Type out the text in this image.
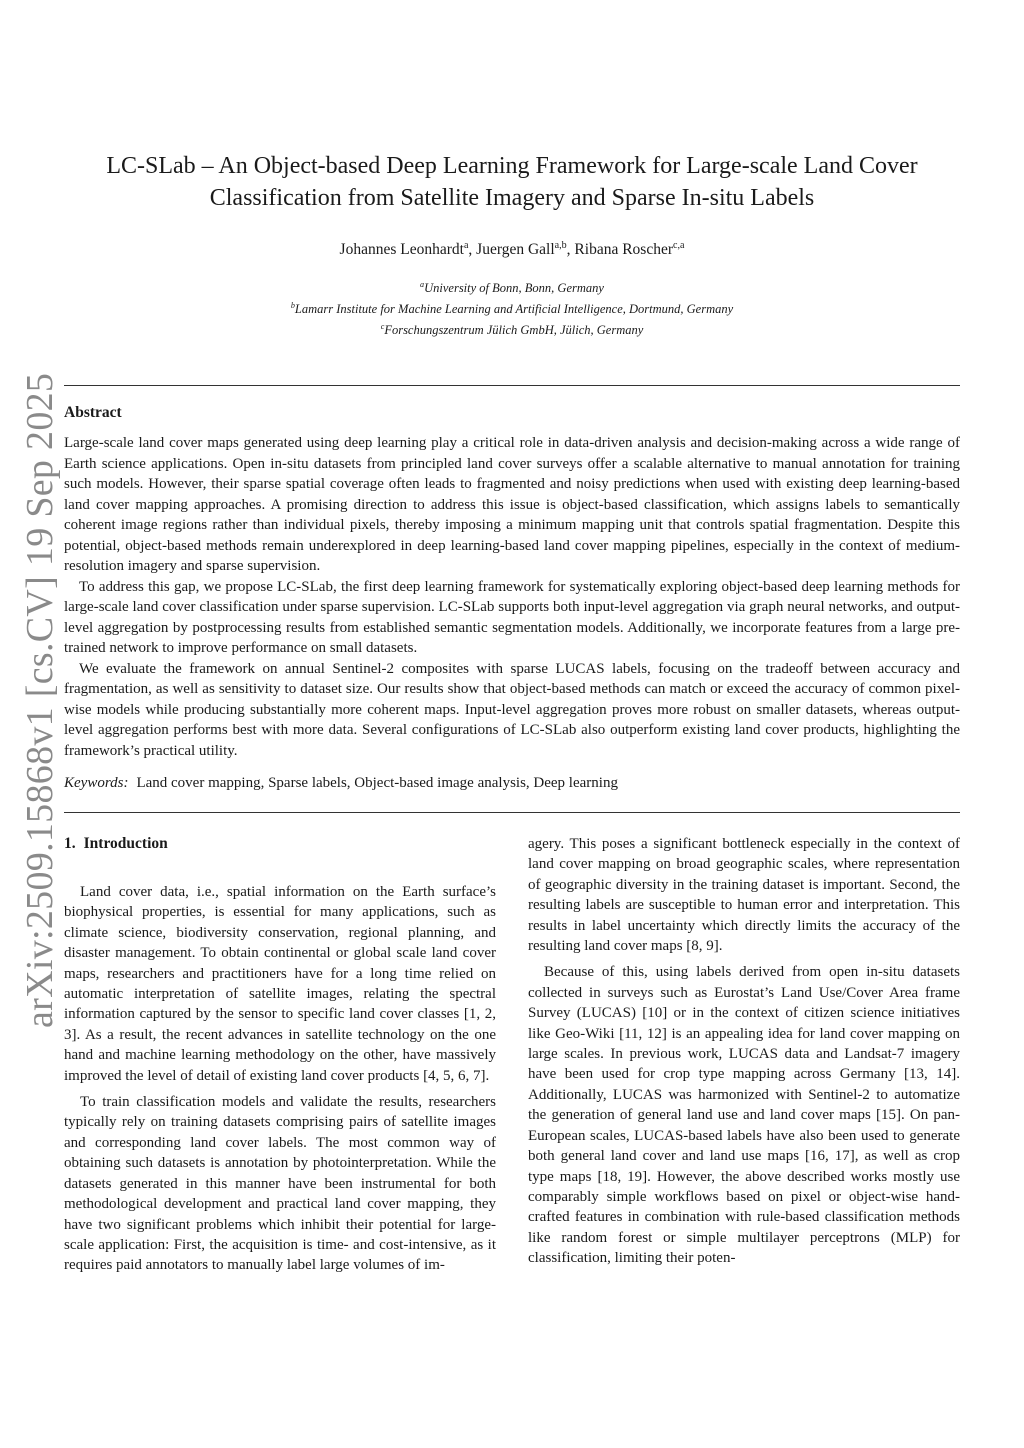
arXiv:2509.15868v1 [cs.CV] 19 Sep 2025
LC-SLab – An Object-based Deep Learning Framework for Large-scale Land Cover Classification from Satellite Imagery and Sparse In-situ Labels
Johannes Leonhardt$^a$, Juergen Gall$^{a,b}$, Ribana Roscher$^{c,a}$
$^a$University of Bonn, Bonn, Germany
$^b$Lamarr Institute for Machine Learning and Artificial Intelligence, Dortmund, Germany
$^c$Forschungszentrum Jülich GmbH, Jülich, Germany
Abstract

Large-scale land cover maps generated using deep learning play a critical role in data-driven analysis and decision-making across a wide range of Earth science applications. Open in-situ datasets from principled land cover surveys offer a scalable alternative to manual annotation for training such models. However, their sparse spatial coverage often leads to fragmented and noisy predictions when used with existing deep learning-based land cover mapping approaches. A promising direction to address this issue is object-based classification, which assigns labels to semantically coherent image regions rather than individual pixels, thereby imposing a minimum mapping unit that controls spatial fragmentation. Despite this potential, object-based methods remain underexplored in deep learning-based land cover mapping pipelines, especially in the context of medium-resolution imagery and sparse supervision.

To address this gap, we propose LC-SLab, the first deep learning framework for systematically exploring object-based deep learning methods for large-scale land cover classification under sparse supervision. LC-SLab supports both input-level aggregation via graph neural networks, and output-level aggregation by postprocessing results from established semantic segmentation models. Additionally, we incorporate features from a large pre-trained network to improve performance on small datasets.

We evaluate the framework on annual Sentinel-2 composites with sparse LUCAS labels, focusing on the tradeoff between accuracy and fragmentation, as well as sensitivity to dataset size. Our results show that object-based methods can match or exceed the accuracy of common pixel-wise models while producing substantially more coherent maps. Input-level aggregation proves more robust on smaller datasets, whereas output-level aggregation performs best with more data. Several configurations of LC-SLab also outperform existing land cover products, highlighting the framework’s practical utility.

Keywords: Land cover mapping, Sparse labels, Object-based image analysis, Deep learning
1. Introduction

Land cover data, i.e., spatial information on the Earth surface’s biophysical properties, is essential for many applications, such as climate science, biodiversity conservation, regional planning, and disaster management. To obtain continental or global scale land cover maps, researchers and practitioners have for a long time relied on automatic interpretation of satellite images, relating the spectral information captured by the sensor to specific land cover classes [1, 2, 3]. As a result, the recent advances in satellite technology on the one hand and machine learning methodology on the other, have massively improved the level of detail of existing land cover products [4, 5, 6, 7].

To train classification models and validate the results, researchers typically rely on training datasets comprising pairs of satellite images and corresponding land cover labels. The most common way of obtaining such datasets is annotation by photointerpretation. While the datasets generated in this manner have been instrumental for both methodological development and practical land cover mapping, they have two significant problems which inhibit their potential for large-scale application: First, the acquisition is time- and cost-intensive, as it requires paid annotators to manually label large volumes of im-

agery. This poses a significant bottleneck especially in the context of land cover mapping on broad geographic scales, where representation of geographic diversity in the training dataset is important. Second, the resulting labels are susceptible to human error and interpretation. This results in label uncertainty which directly limits the accuracy of the resulting land cover maps [8, 9].

Because of this, using labels derived from open in-situ datasets collected in surveys such as Eurostat’s Land Use/Cover Area frame Survey (LUCAS) [10] or in the context of citizen science initiatives like Geo-Wiki [11, 12] is an appealing idea for land cover mapping on large scales. In previous work, LUCAS data and Landsat-7 imagery have been used for crop type mapping across Germany [13, 14]. Additionally, LUCAS was harmonized with Sentinel-2 to automatize the generation of general land use and land cover maps [15]. On pan-European scales, LUCAS-based labels have also been used to generate both general land cover and land use maps [16, 17], as well as crop type maps [18, 19]. However, the above described works mostly use comparably simple workflows based on pixel or object-wise hand-crafted features in combination with rule-based classification methods like random forest or simple multilayer perceptrons (MLP) for classification, limiting their poten-
